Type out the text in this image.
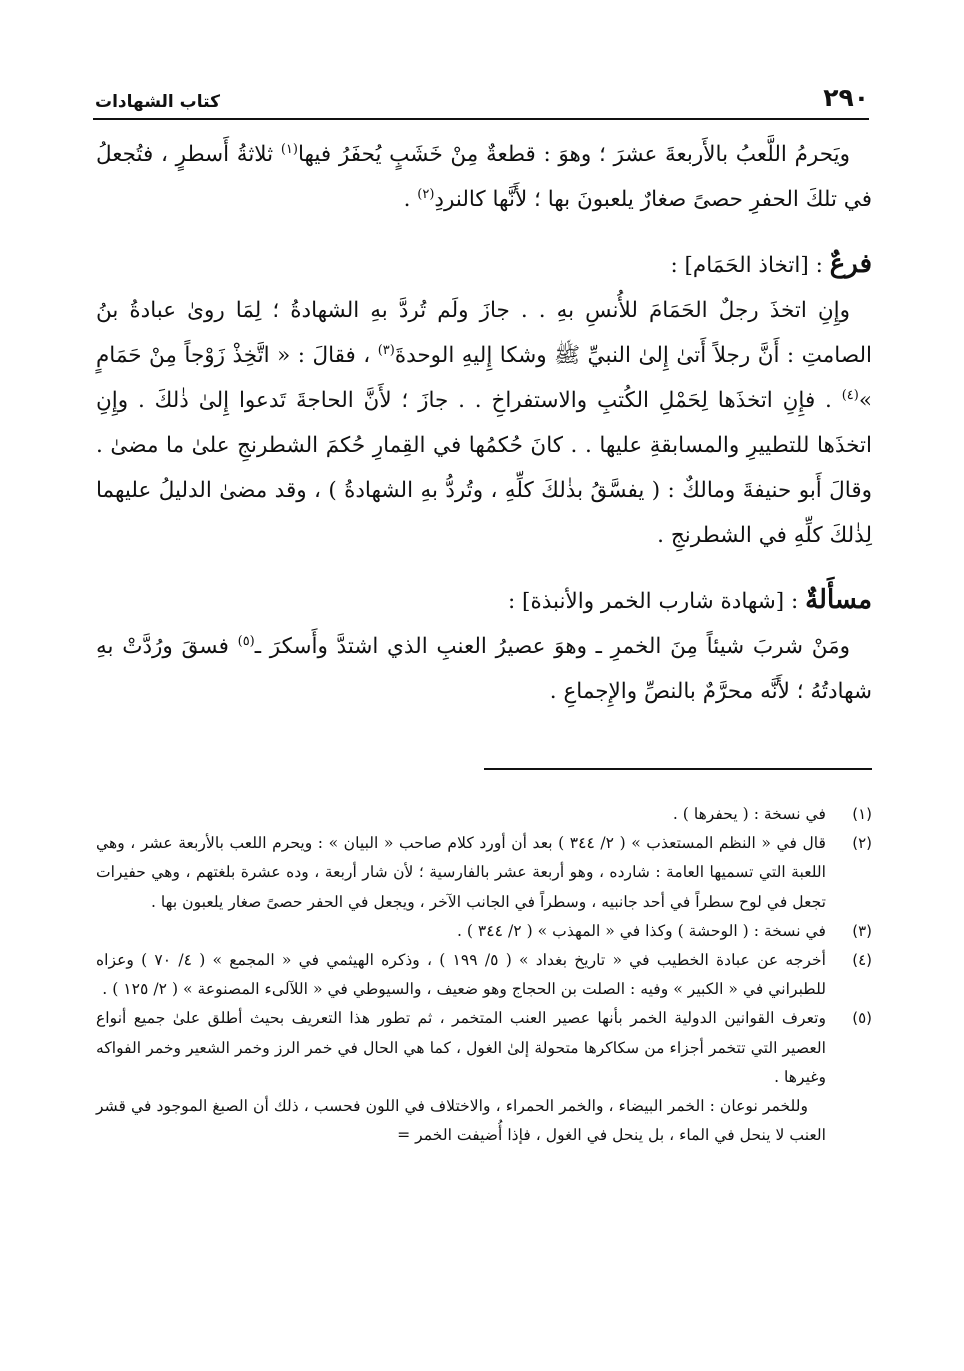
٢٩٠
كتاب الشهادات

ويَحرمُ اللَّعبُ بالأَربعةَ عشرَ ؛ وهوَ : قطعةٌ مِنْ خَشَبٍ يُحفَرُ فيها$^{(١)}$ ثلاثةُ أَسطرٍ ، فتُجعلُ في تلكَ الحفرِ حصىً صغارٌ يلعبونَ بها ؛ لأَنَّها كالنردِ$^{(٢)}$ .

فرعٌ : [اتخاذ الحَمَام] :

وإِنِ اتخذَ رجلٌ الحَمَامَ للأُنسِ بهِ . . جازَ ولَم تُردَّ بهِ الشهادةُ ؛ لِمَا روىٰ عبادةُ بنُ الصامتِ : أَنَّ رجلاً أَتىٰ إِلىٰ النبيِّ ﷺ وشكا إِليهِ الوحدةَ$^{(٣)}$ ، فقالَ : « اتَّخِذْ زَوْجاً مِنْ حَمَامٍ »$^{(٤)}$ . فإِنِ اتخذَها لِحَمْلِ الكُتبِ والاستفراخِ . . جازَ ؛ لأَنَّ الحاجةَ تَدعوا إِلىٰ ذٰلكَ . وإِنِ اتخذَها للتطييرِ والمسابقةِ عليها . . كانَ حُكمُها في القِمارِ حُكمَ الشطرنجِ علىٰ ما مضىٰ . وقالَ أَبو حنيفةَ ومالكٌ : ( يفسَّقُ بذٰلكَ كلِّهِ ، وتُردُّ بهِ الشهادةُ ) ، وقد مضىٰ الدليلُ عليهما لِذٰلكَ كلِّهِ في الشطرنجِ .

مسأَلةٌ : [شهادة شارب الخمر والأنبذة] :

ومَنْ شربَ شيئاً مِنَ الخمرِ ـ وهوَ عصيرُ العنبِ الذي اشتدَّ وأَسكرَ ـ$^{(٥)}$ فسقَ ورُدَّتْ بهِ شهادتُهُ ؛ لأَنَّه محرَّمٌ بالنصِّ والإِجماعِ .

(١)
في نسخة : ( يحفرها ) .
(٢)
قال في « النظم المستعذب » ( ٢/ ٣٤٤ ) بعد أن أورد كلام صاحب « البيان » : ويحرم اللعب بالأربعة عشر ، وهي اللعبة التي تسميها العامة : شارده ، وهو أربعة عشر بالفارسية ؛ لأن شار أربعة ، وده عشرة بلغتهم ، وهي حفيرات تجعل في لوح سطراً في أحد جانبيه ، وسطراً في الجانب الآخر ، ويجعل في الحفر حصىً صغار يلعبون بها .
(٣)
في نسخة : ( الوحشة ) وكذا في « المهذب » ( ٢/ ٣٤٤ ) .
(٤)
أخرجه عن عبادة الخطيب في « تاريخ بغداد » ( ٥/ ١٩٩ ) ، وذكره الهيثمي في « المجمع » ( ٤/ ٧٠ ) وعزاه للطبراني في « الكبير » وفيه : الصلت بن الحجاج وهو ضعيف ، والسيوطي في « اللآلىء المصنوعة » ( ٢/ ١٢٥ ) .
(٥)
وتعرف القوانين الدولية الخمر بأنها عصير العنب المتخمر ، ثم تطور هذا التعريف بحيث أطلق علىٰ جميع أنواع العصير التي تتخمر أجزاء من سكاكرها متحولة إلىٰ الغول ، كما هي الحال في خمر الرز وخمر الشعير وخمر الفواكه وغيرها .
وللخمر نوعان : الخمر البيضاء ، والخمر الحمراء ، والاختلاف في اللون فحسب ، ذلك أن الصبغ الموجود في قشر العنب لا ينحل في الماء ، بل ينحل في الغول ، فإذا أُضيفت الخمر =
